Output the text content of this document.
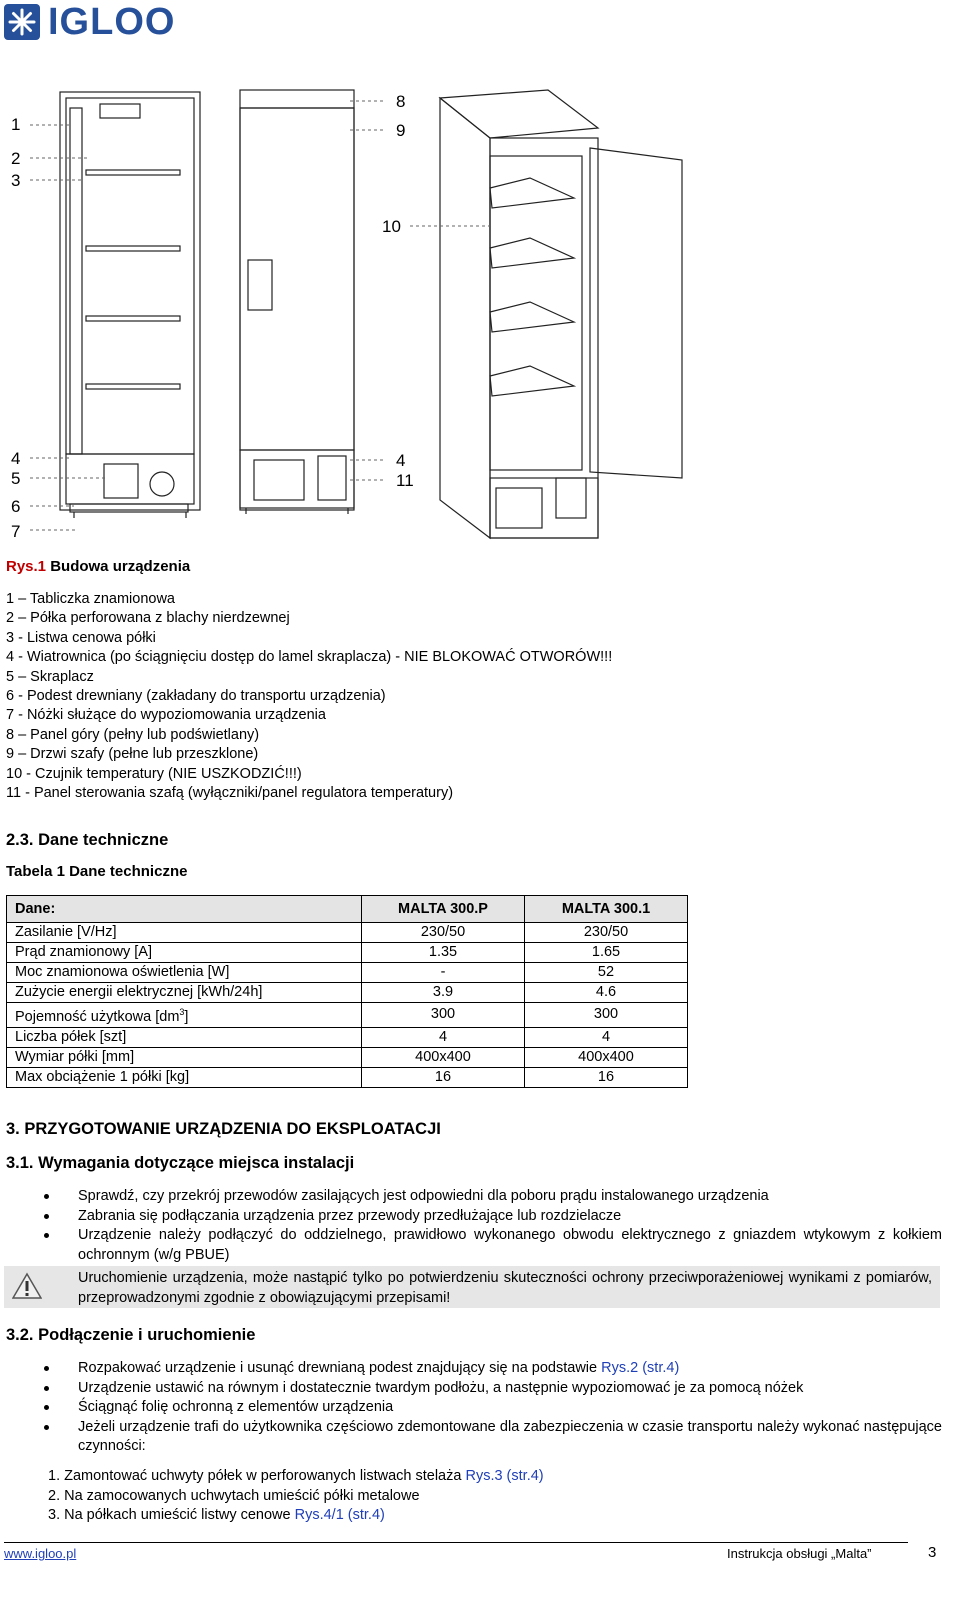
IGLOO
1
2
3
4
5
6
7
8
9
10
4
11
Rys.1 Budowa urządzenia
1 – Tabliczka znamionowa
2 – Półka perforowana z blachy nierdzewnej
3 - Listwa cenowa półki
4 - Wiatrownica (po ściągnięciu dostęp do lamel skraplacza) - NIE BLOKOWAĆ OTWORÓW!!!
5 – Skraplacz
6 - Podest drewniany (zakładany do transportu urządzenia)
7 - Nóżki służące do wypoziomowania urządzenia
8 – Panel góry (pełny lub podświetlany)
9 – Drzwi szafy (pełne lub przeszklone)
10 - Czujnik temperatury (NIE USZKODZIĆ!!!)
11 - Panel sterowania szafą (wyłączniki/panel regulatora temperatury)
2.3. Dane techniczne
Tabela 1 Dane techniczne
Dane:	MALTA 300.P	MALTA 300.1
Zasilanie [V/Hz]	230/50	230/50
Prąd znamionowy [A]	1.35	1.65
Moc znamionowa oświetlenia [W]	-	52
Zużycie energii elektrycznej [kWh/24h]	3.9	4.6
Pojemność użytkowa $[dm^3]$	300	300
Liczba półek [szt]	4	4
Wymiar półki [mm]	400x400	400x400
Max obciążenie 1 półki [kg]	16	16
3. PRZYGOTOWANIE URZĄDZENIA DO EKSPLOATACJI
3.1. Wymagania dotyczące miejsca instalacji
Sprawdź, czy przekrój przewodów zasilających jest odpowiedni dla poboru prądu instalowanego urządzenia
Zabrania się podłączania urządzenia przez przewody przedłużające lub rozdzielacze
Urządzenie należy podłączyć do oddzielnego, prawidłowo wykonanego obwodu elektrycznego z gniazdem wtykowym z kołkiem ochronnym (w/g PBUE)
Uruchomienie urządzenia, może nastąpić tylko po potwierdzeniu skuteczności ochrony przeciwporażeniowej wynikami z pomiarów, przeprowadzonymi zgodnie z obowiązującymi przepisami!
3.2. Podłączenie i uruchomienie
Rozpakować urządzenie i usunąć drewnianą podest znajdujący się na podstawie Rys.2 (str.4)
Urządzenie ustawić na równym i dostatecznie twardym podłożu, a następnie wypoziomować je za pomocą nóżek
Ściągnąć folię ochronną z elementów urządzenia
Jeżeli urządzenie trafi do użytkownika częściowo zdemontowane dla zabezpieczenia w czasie transportu należy wykonać następujące czynności:
1. Zamontować uchwyty półek w perforowanych listwach stelaża Rys.3 (str.4)
2. Na zamocowanych uchwytach umieścić półki metalowe
3. Na półkach umieścić listwy cenowe Rys.4/1 (str.4)
www.igloo.pl	Instrukcja obsługi „Malta”	3
